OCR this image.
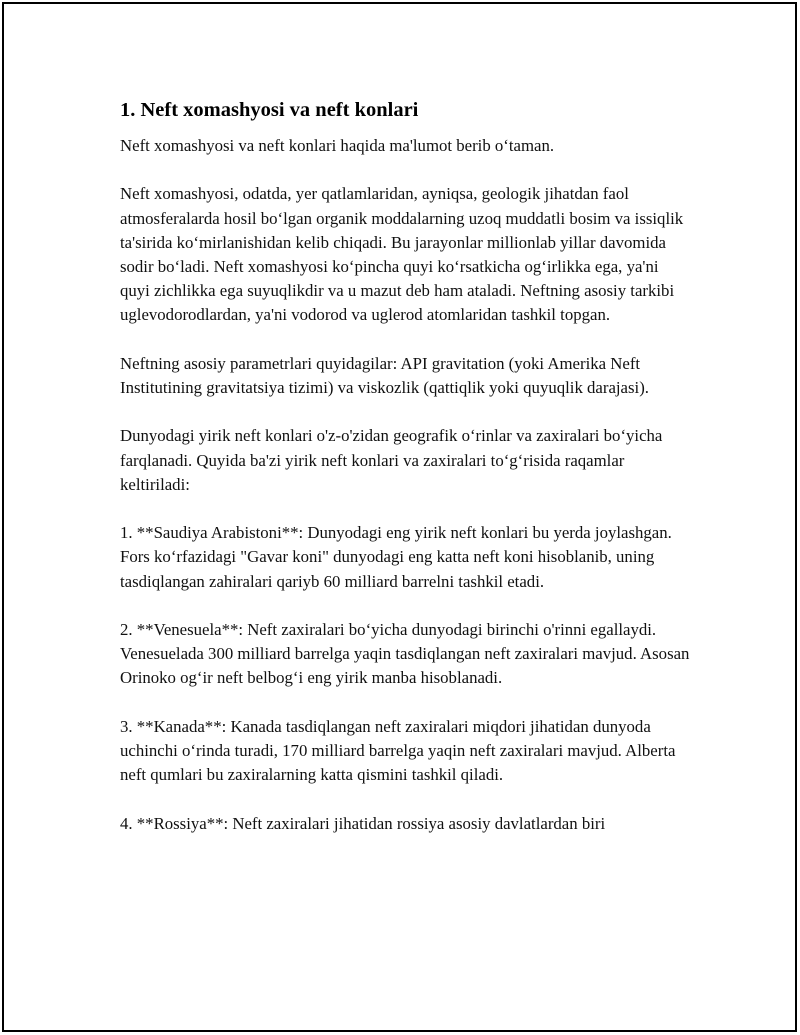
1. Neft xomashyosi va neft konlari

Neft xomashyosi va neft konlari haqida ma'lumot berib o‘taman.

Neft xomashyosi, odatda, yer qatlamlaridan, ayniqsa, geologik jihatdan faol atmosferalarda hosil bo‘lgan organik moddalarning uzoq muddatli bosim va issiqlik ta'sirida ko‘mirlanishidan kelib chiqadi. Bu jarayonlar millionlab yillar davomida sodir bo‘ladi. Neft xomashyosi ko‘pincha quyi ko‘rsatkicha og‘irlikka ega, ya'ni quyi zichlikka ega suyuqlikdir va u mazut deb ham ataladi. Neftning asosiy tarkibi uglevodorodlardan, ya'ni vodorod va uglerod atomlaridan tashkil topgan.

Neftning asosiy parametrlari quyidagilar: API gravitation (yoki Amerika Neft Institutining gravitatsiya tizimi) va viskozlik (qattiqlik yoki quyuqlik darajasi).

Dunyodagi yirik neft konlari o'z-o'zidan geografik o‘rinlar va zaxiralari bo‘yicha farqlanadi. Quyida ba'zi yirik neft konlari va zaxiralari to‘g‘risida raqamlar keltiriladi:

1. **Saudiya Arabistoni**: Dunyodagi eng yirik neft konlari bu yerda joylashgan. Fors ko‘rfazidagi "Gavar koni" dunyodagi eng katta neft koni hisoblanib, uning tasdiqlangan zahiralari qariyb 60 milliard barrelni tashkil etadi.

2. **Venesuela**: Neft zaxiralari bo‘yicha dunyodagi birinchi o'rinni egallaydi. Venesuelada 300 milliard barrelga yaqin tasdiqlangan neft zaxiralari mavjud. Asosan Orinoko og‘ir neft belbog‘i eng yirik manba hisoblanadi.

3. **Kanada**: Kanada tasdiqlangan neft zaxiralari miqdori jihatidan dunyoda uchinchi o‘rinda turadi, 170 milliard barrelga yaqin neft zaxiralari mavjud. Alberta neft qumlari bu zaxiralarning katta qismini tashkil qiladi.

4. **Rossiya**: Neft zaxiralari jihatidan rossiya asosiy davlatlardan biri
